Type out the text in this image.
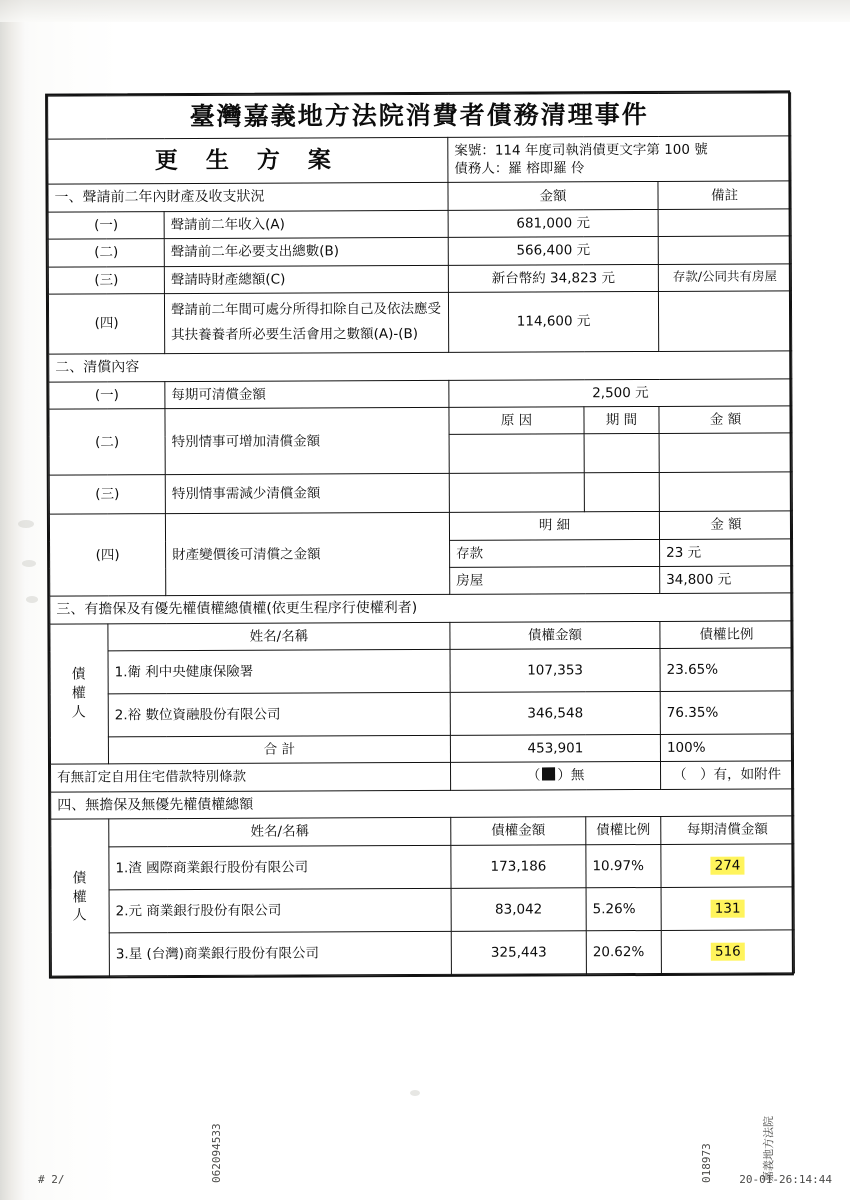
臺灣嘉義地方法院消費者債務清理事件					
更 生 方 案			案號：114 年度司執消債更文字第 100 號
債務人：羅 榕即羅 伶		

一、聲請前二年內財產及收支狀況			金額		備註
(一)		聲請前二年收入(A)	681,000 元		
(二)		聲請前二年必要支出總數(B)	566,400 元		
(三)		聲請時財產總額(C)	新台幣約 34,823 元		存款/公同共有房屋
(四)		聲請前二年間可處分所得扣除自己及依法應受其扶養養者所必要生活會用之數額(A)-(B)	114,600 元		
二、清償內容					
(一)		每期可清償金額	2,500 元		
(二)		特別情事可增加清償金額	原 因	期 間	金 額

(三)		特別情事需減少清償金額			
(四)		財產變價後可清償之金額	明 細		金 額
			存款		23 元
			房屋		34,800 元
三、有擔保及有優先權債權總債權(依更生程序行使權利者)					

債
權
人	姓名/名稱		債權金額		債權比例
	1.衛 利中央健康保險署		107,353		23.65%
	2.裕 數位資融股份有限公司		346,548		76.35%
	合 計		453,901		100%
有無訂定自用住宅借款特別條款			（ ）無		（　）有，如附件
四、無擔保及無優先權債權總額					

債
權
人	姓名/名稱		債權金額	債權比例	每期清償金額
	1.渣 國際商業銀行股份有限公司		173,186	10.97%	274
	2.元 商業銀行股份有限公司		83,042	5.26%	131
	3.星 (台灣)商業銀行股份有限公司		325,443	20.62%	516
# 2/	062094533	20-01-26:14:44
018973	嘉義地方法院
